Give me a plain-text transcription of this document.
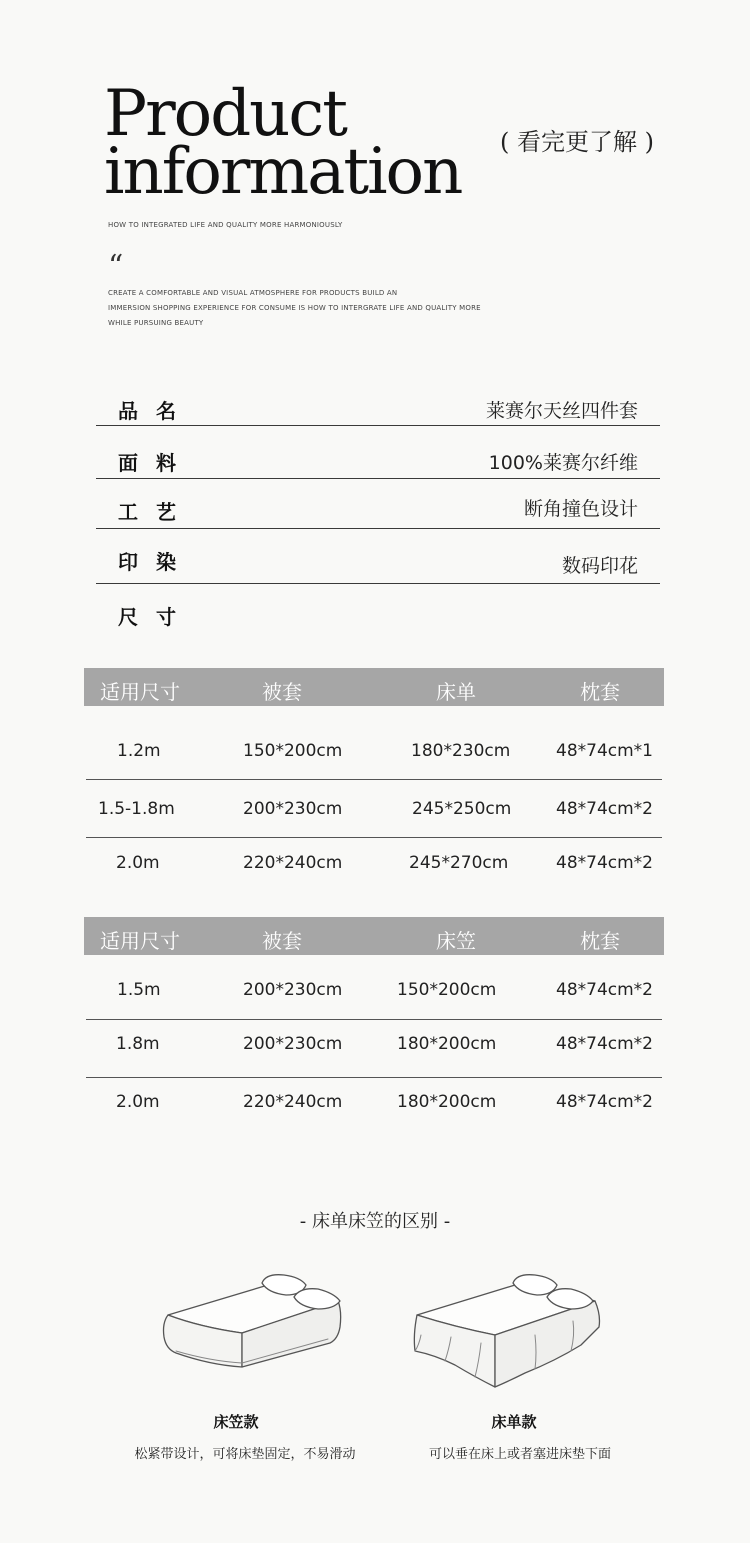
Product
information ( 看完更了解 )
HOW TO INTEGRATED LIFE AND QUALITY MORE HARMONIOUSLY
“
CREATE A COMFORTABLE AND VISUAL ATMOSPHERE FOR PRODUCTS BUILD AN
IMMERSION SHOPPING EXPERIENCE FOR CONSUME IS HOW TO INTERGRATE LIFE AND QUALITY MORE
WHILE PURSUING BEAUTY
品名	莱赛尔天丝四件套
面料	100%莱赛尔纤维
工艺	断角撞色设计
印染	数码印花
尺寸
适用尺寸	被套	床单	枕套
1.2m	150*200cm	180*230cm	48*74cm*1
1.5-1.8m	200*230cm	245*250cm	48*74cm*2
2.0m	220*240cm	245*270cm	48*74cm*2
适用尺寸	被套	床笠	枕套
1.5m	200*230cm	150*200cm	48*74cm*2
1.8m	200*230cm	180*200cm	48*74cm*2
2.0m	220*240cm	180*200cm	48*74cm*2
- 床单床笠的区别 -
床笠款
松紧带设计，可将床垫固定，不易滑动
床单款
可以垂在床上或者塞进床垫下面
